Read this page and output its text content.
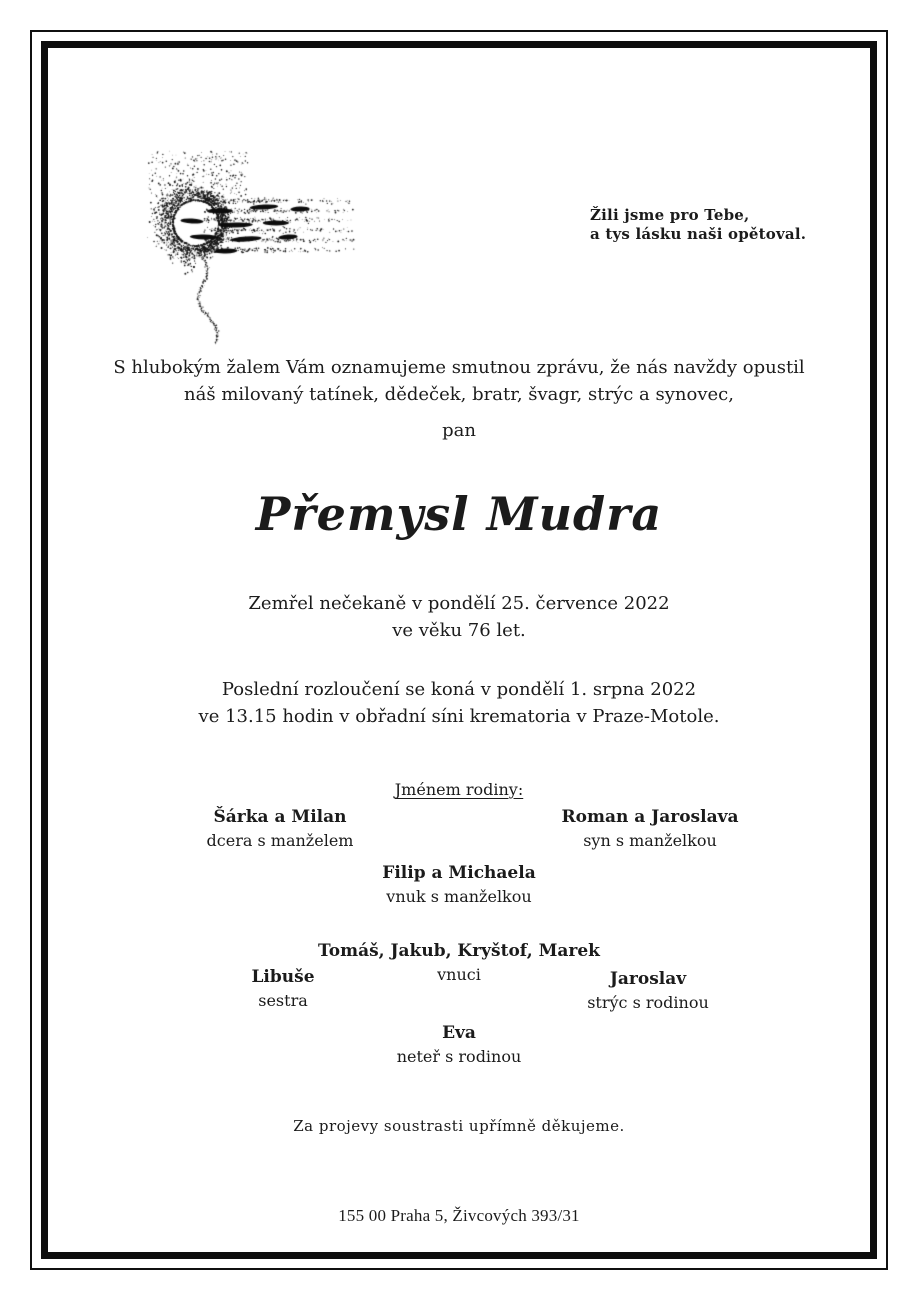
Žili jsme pro Tebe,
a tys lásku naši opětoval.
S hlubokým žalem Vám oznamujeme smutnou zprávu, že nás navždy opustil
náš milovaný tatínek, dědeček, bratr, švagr, strýc a synovec,
pan
Přemysl Mudra
Zemřel nečekaně v pondělí 25. července 2022
ve věku 76 let.
Poslední rozloučení se koná v pondělí 1. srpna 2022
ve 13.15 hodin v obřadní síni krematoria v Praze-Motole.
Jménem rodiny:
Šárka a Milan
dcera s manželem
Roman a Jaroslava
syn s manželkou
Filip a Michaela
vnuk s manželkou
Tomáš, Jakub, Kryštof, Marek
vnuci
Libuše
sestra
Jaroslav
strýc s rodinou
Eva
neteř s rodinou
Za projevy soustrasti upřímně děkujeme.
155 00 Praha 5, Živcových 393/31
